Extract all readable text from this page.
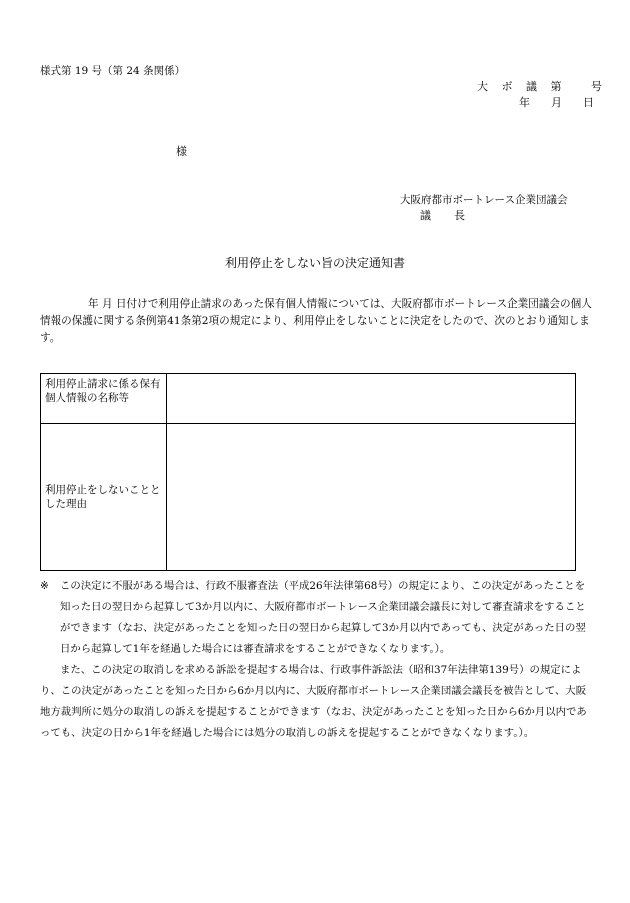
様式第 19 号（第 24 条関係）
大 ボ 議 第　 号
年　月　日
様
大阪府都市ボートレース企業団議会
議　長
利用停止をしない旨の決定通知書
年 月 日付けで利用停止請求のあった保有個人情報については、大阪府都市ボートレース企業団議会の個人情報の保護に関する条例第41条第2項の規定により、利用停止をしないことに決定をしたので、次のとおり通知します。
利用停止請求に係る保有個人情報の名称等	
利用停止をしないこととした理由	
※	この決定に不服がある場合は、行政不服審査法（平成26年法律第68号）の規定により、この決定があったことを知った日の翌日から起算して3か月以内に、大阪府都市ボートレース企業団議会議長に対して審査請求をすることができます（なお、決定があったことを知った日の翌日から起算して3か月以内であっても、決定があった日の翌日から起算して1年を経過した場合には審査請求をすることができなくなります。）。

また、この決定の取消しを求める訴訟を提起する場合は、行政事件訴訟法（昭和37年法律第139号）の規定により、この決定があったことを知った日から6か月以内に、大阪府都市ボートレース企業団議会議長を被告として、大阪地方裁判所に処分の取消しの訴えを提起することができます（なお、決定があったことを知った日から6か月以内であっても、決定の日から1年を経過した場合には処分の取消しの訴えを提起することができなくなります。）。
